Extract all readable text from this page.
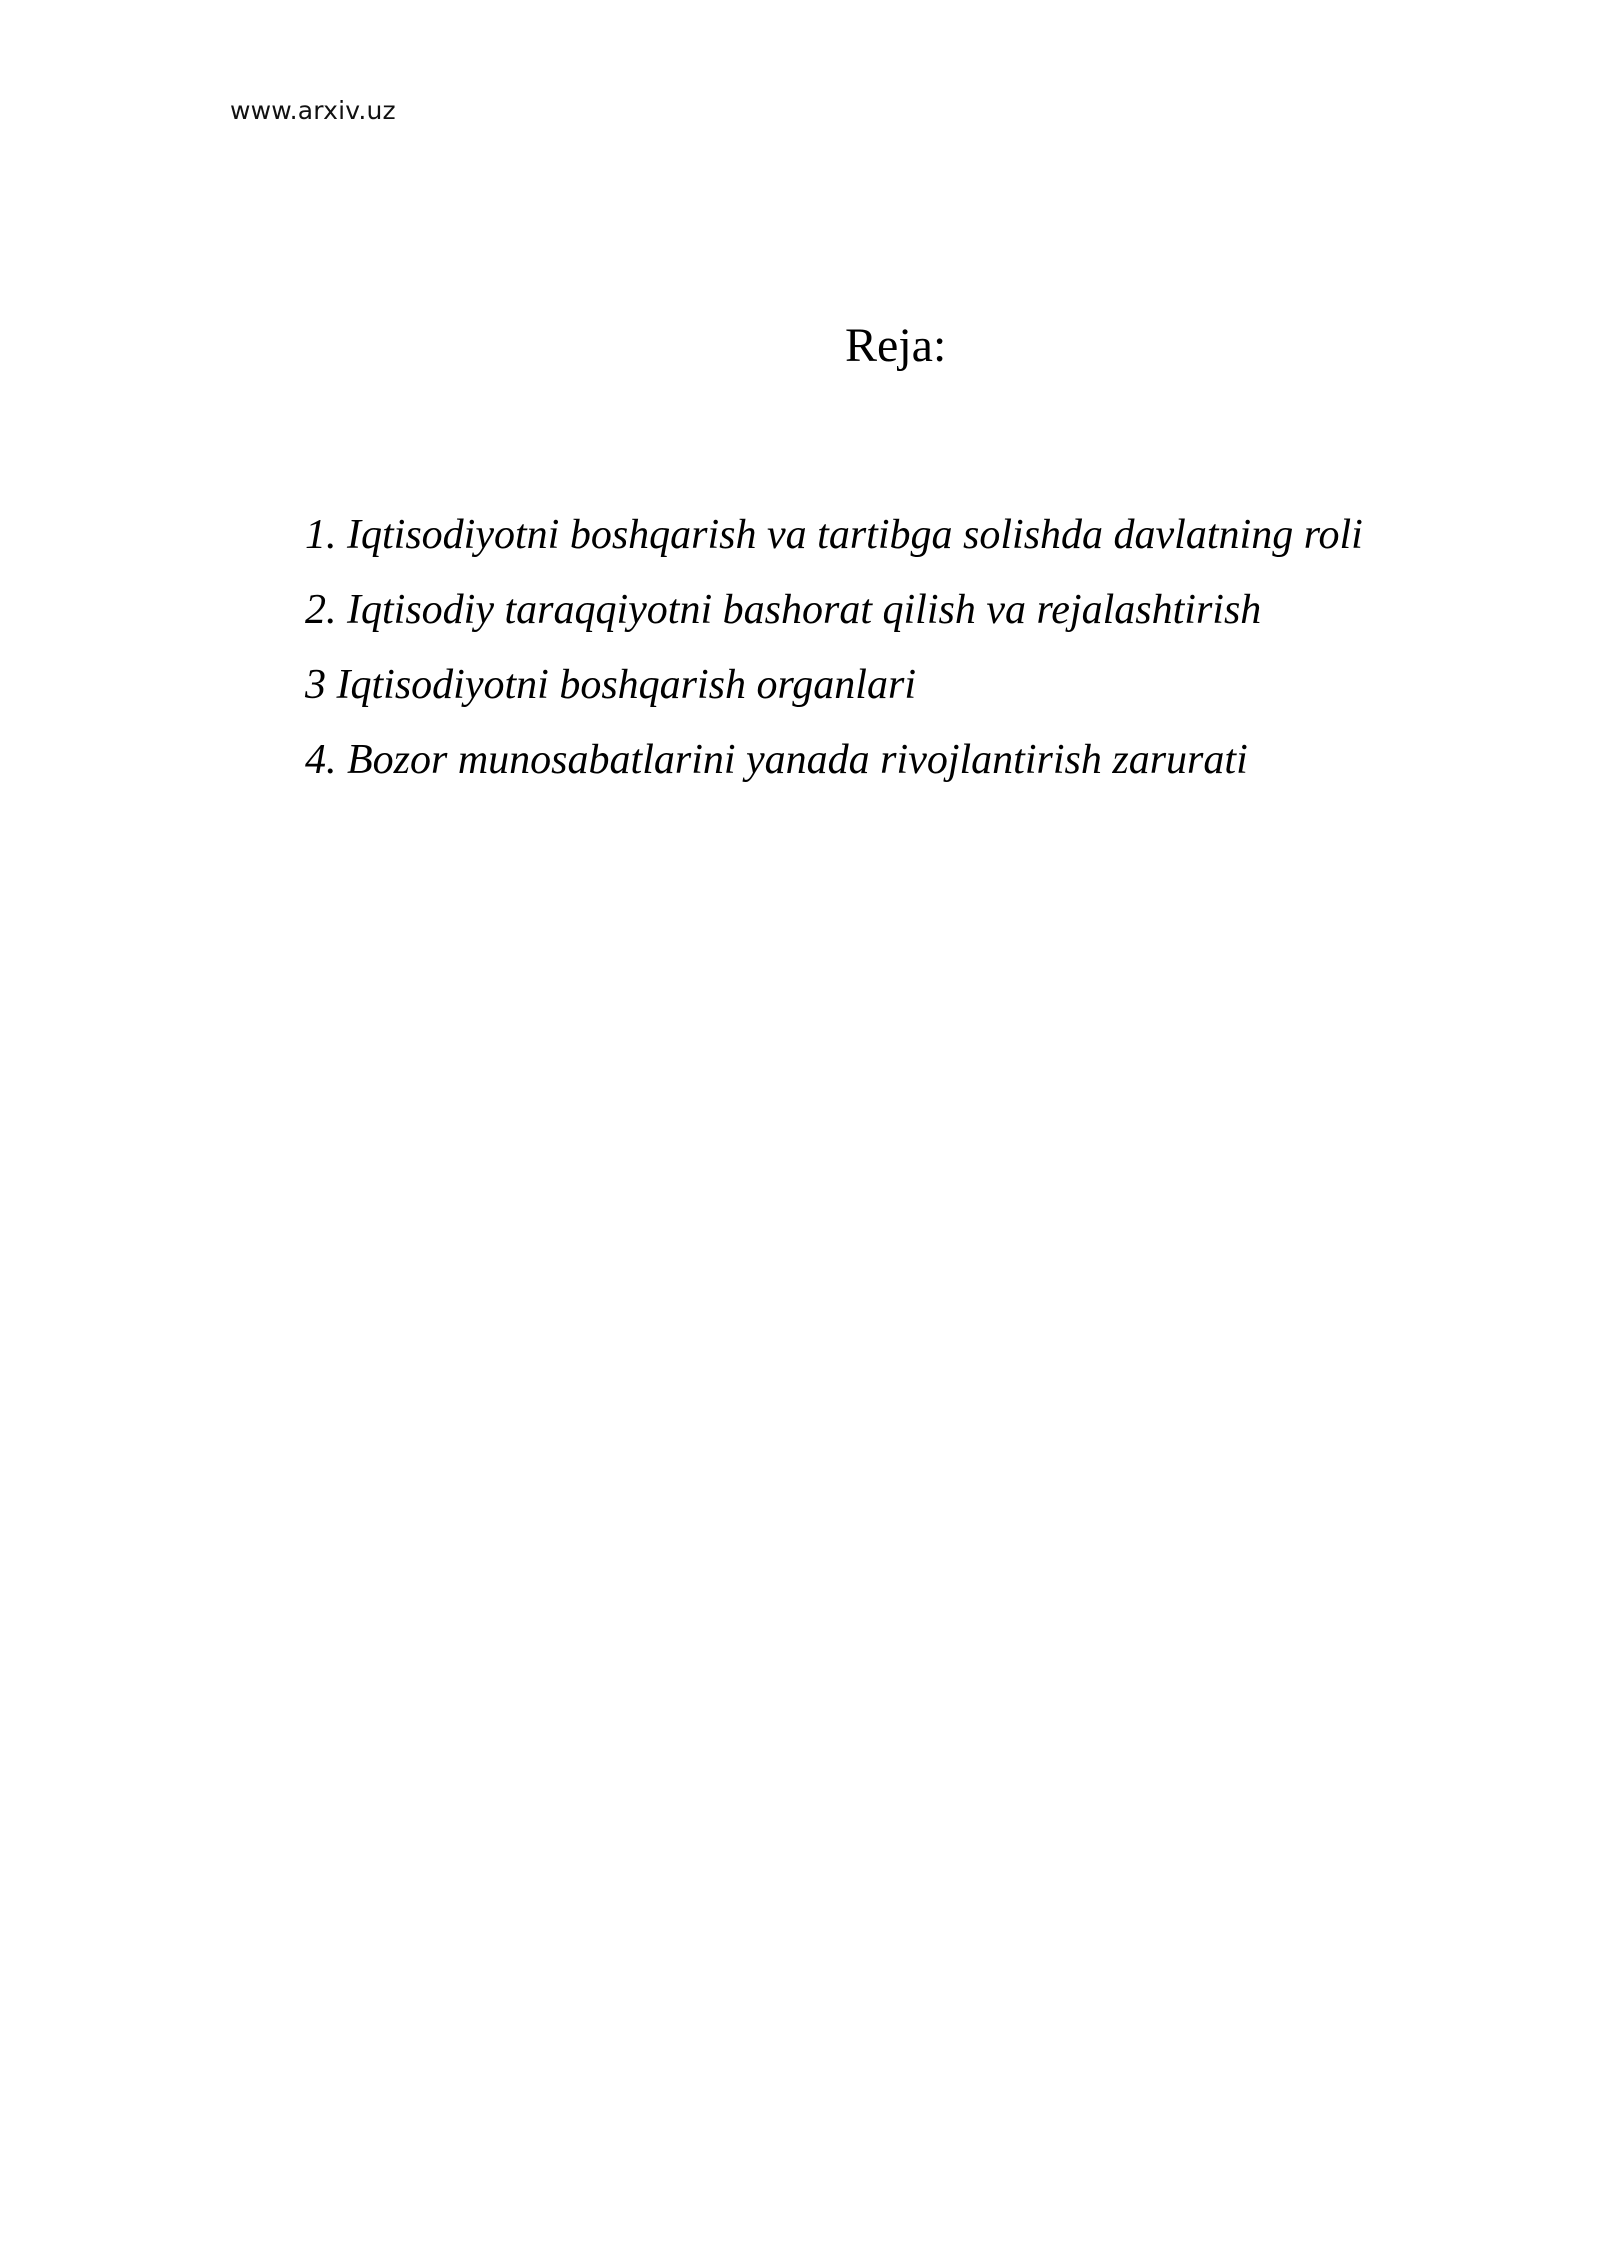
www.arxiv.uz
Reja:
1. Iqtisodiyotni boshqarish va tartibga solishda davlatning roli
2. Iqtisodiy taraqqiyotni bashorat qilish va rejalashtirish
3 Iqtisodiyotni boshqarish organlari
4. Bozor munosabatlarini yanada rivojlantirish zarurati
